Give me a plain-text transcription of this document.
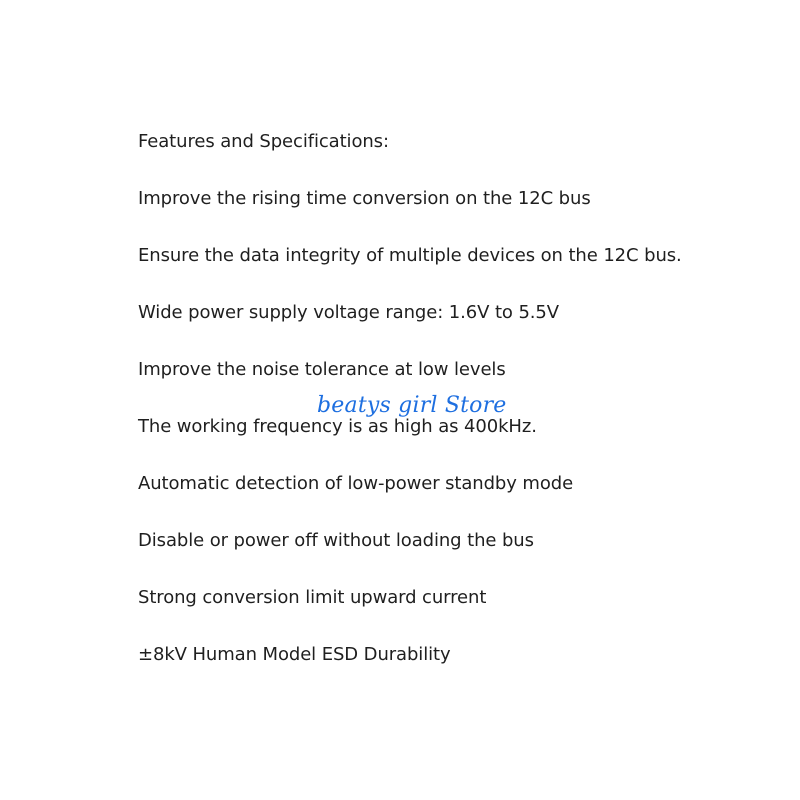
Features and Specifications:
Improve the rising time conversion on the 12C bus
Ensure the data integrity of multiple devices on the 12C bus.
Wide power supply voltage range: 1.6V to 5.5V
Improve the noise tolerance at low levels
The working frequency is as high as 400kHz.
Automatic detection of low-power standby mode
Disable or power off without loading the bus
Strong conversion limit upward current
±8kV Human Model ESD Durability
beatys girl Store
